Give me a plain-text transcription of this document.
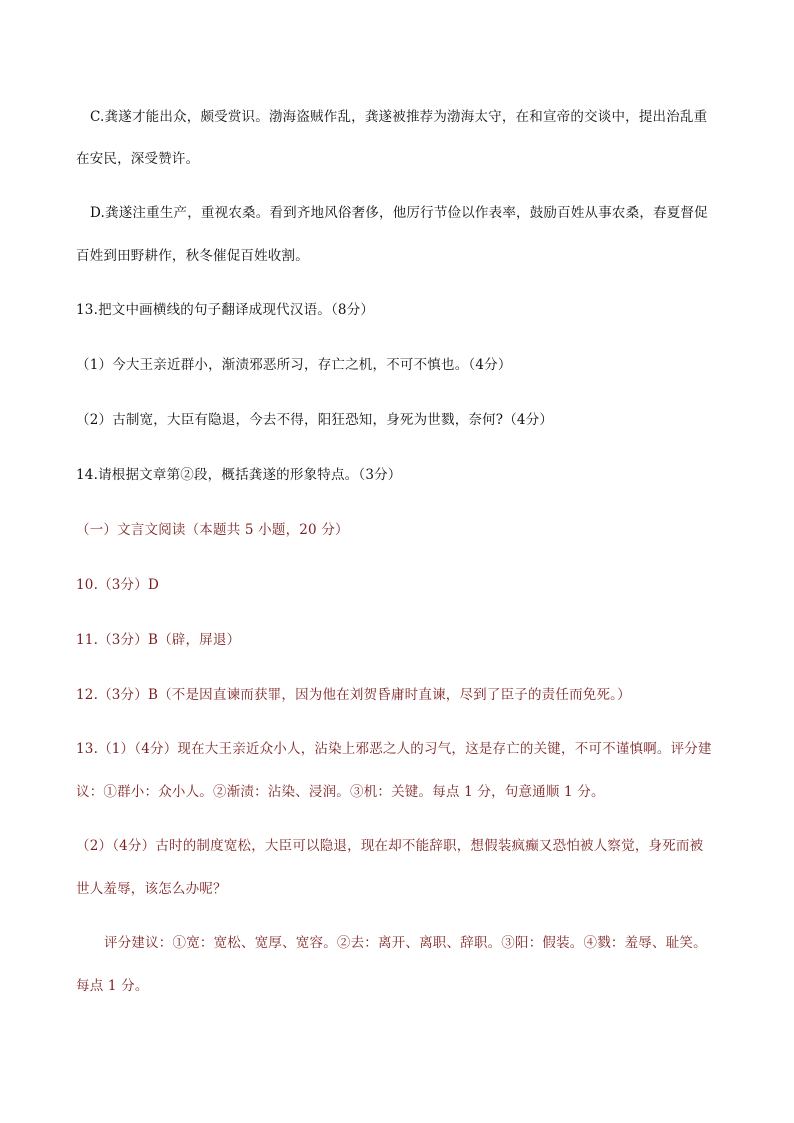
C.龚遂才能出众，颇受赏识。渤海盗贼作乱，龚遂被推荐为渤海太守，在和宣帝的交谈中，提出治乱重
在安民，深受赞许。
D.龚遂注重生产，重视农桑。看到齐地风俗奢侈，他厉行节俭以作表率，鼓励百姓从事农桑，春夏督促
百姓到田野耕作，秋冬催促百姓收割。
13.把文中画横线的句子翻译成现代汉语。（8分）
（1）今大王亲近群小，渐渍邪恶所习，存亡之机，不可不慎也。（4分）
（2）古制宽，大臣有隐退，今去不得，阳狂恐知，身死为世戮，奈何?（4分）
14.请根据文章第②段，概括龚遂的形象特点。（3分）
（一）文言文阅读（本题共 5 小题，20 分）
10.（3分）D
11.（3分）B（辟，屏退）
12.（3分）B（不是因直谏而获罪，因为他在刘贺昏庸时直谏，尽到了臣子的责任而免死。）
13.（1）（4分）现在大王亲近众小人，沾染上邪恶之人的习气，这是存亡的关键，不可不谨慎啊。评分建
议：①群小：众小人。②渐渍：沾染、浸润。③机：关键。每点 1 分，句意通顺 1 分。
（2）（4分）古时的制度宽松，大臣可以隐退，现在却不能辞职，想假装疯癫又恐怕被人察觉，身死而被
世人羞辱，该怎么办呢？
评分建议：①宽：宽松、宽厚、宽容。②去：离开、离职、辞职。③阳：假装。④戮：羞辱、耻笑。
每点 1 分。
